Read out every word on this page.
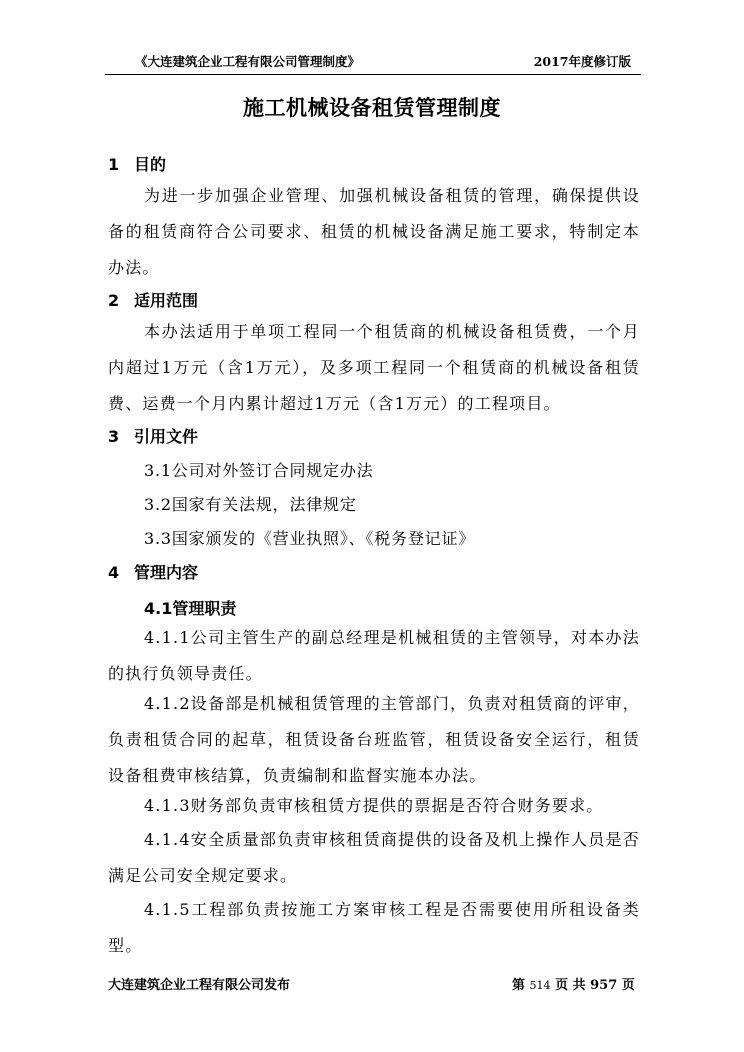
《大连建筑企业工程有限公司管理制度》	2017年度修订版
施工机械设备租赁管理制度
1 目的
为进一步加强企业管理、加强机械设备租赁的管理，确保提供设备的租赁商符合公司要求、租赁的机械设备满足施工要求，特制定本办法。
2 适用范围
本办法适用于单项工程同一个租赁商的机械设备租赁费，一个月内超过1万元（含1万元），及多项工程同一个租赁商的机械设备租赁费、运费一个月内累计超过1万元（含1万元）的工程项目。
3 引用文件
3.1公司对外签订合同规定办法
3.2国家有关法规，法律规定
3.3国家颁发的《营业执照》、《税务登记证》
4 管理内容
4.1管理职责
4.1.1公司主管生产的副总经理是机械租赁的主管领导，对本办法的执行负领导责任。
4.1.2设备部是机械租赁管理的主管部门，负责对租赁商的评审，负责租赁合同的起草，租赁设备台班监管，租赁设备安全运行，租赁设备租费审核结算，负责编制和监督实施本办法。
4.1.3财务部负责审核租赁方提供的票据是否符合财务要求。
4.1.4安全质量部负责审核租赁商提供的设备及机上操作人员是否满足公司安全规定要求。
4.1.5工程部负责按施工方案审核工程是否需要使用所租设备类型。
大连建筑企业工程有限公司发布	第 514 页 共 957 页
